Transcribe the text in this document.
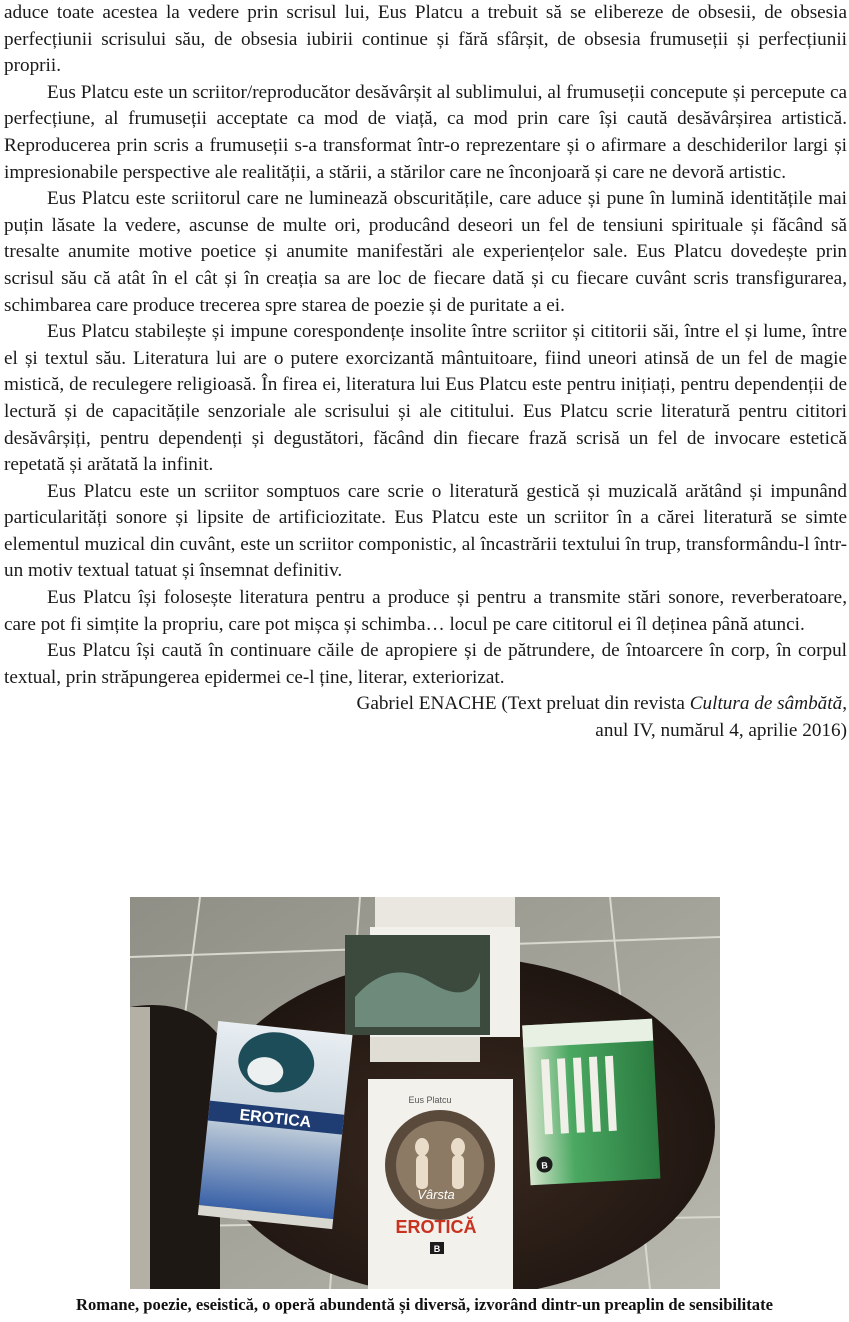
aduce toate acestea la vedere prin scrisul lui, Eus Platcu a trebuit să se elibereze de obsesii, de obsesia perfecțiunii scrisului său, de obsesia iubirii continue și fără sfârșit, de obsesia frumuseții și perfecțiunii proprii.

Eus Platcu este un scriitor/reproducător desăvârșit al sublimului, al frumuseții concepute și percepute ca perfecțiune, al frumuseții acceptate ca mod de viață, ca mod prin care își caută desăvârșirea artistică. Reproducerea prin scris a frumuseții s-a transformat într-o reprezentare și o afirmare a deschiderilor largi și impresionabile perspective ale realității, a stării, a stărilor care ne înconjoară și care ne devoră artistic.

Eus Platcu este scriitorul care ne luminează obscuritățile, care aduce și pune în lumină identitățile mai puțin lăsate la vedere, ascunse de multe ori, producând deseori un fel de tensiuni spirituale și făcând să tresalte anumite motive poetice și anumite manifestări ale experiențelor sale. Eus Platcu dovedește prin scrisul său că atât în el cât și în creația sa are loc de fiecare dată și cu fiecare cuvânt scris transfigurarea, schimbarea care produce trecerea spre starea de poezie și de puritate a ei.

Eus Platcu stabilește și impune corespondențe insolite între scriitor și cititorii săi, între el și lume, între el și textul său. Literatura lui are o putere exorcizantă mântuitoare, fiind uneori atinsă de un fel de magie mistică, de reculegere religioasă. În firea ei, literatura lui Eus Platcu este pentru inițiați, pentru dependenții de lectură și de capacitățile senzoriale ale scrisului și ale cititului. Eus Platcu scrie literatură pentru cititori desăvârșiți, pentru dependenți și degustători, făcând din fiecare frază scrisă un fel de invocare estetică repetată și arătată la infinit.

Eus Platcu este un scriitor somptuos care scrie o literatură gestică și muzicală arătând și impunând particularități sonore și lipsite de artificiozitate. Eus Platcu este un scriitor în a cărei literatură se simte elementul muzical din cuvânt, este un scriitor componistic, al încastrării textului în trup, transformându-l într-un motiv textual tatuat și însemnat definitiv.

Eus Platcu își folosește literatura pentru a produce și pentru a transmite stări sonore, reverberatoare, care pot fi simțite la propriu, care pot mișca și schimba… locul pe care cititorul ei îl deținea până atunci.

Eus Platcu își caută în continuare căile de apropiere și de pătrundere, de întoarcere în corp, în corpul textual, prin străpungerea epidermei ce-l ține, literar, exteriorizat.

Gabriel ENACHE (Text preluat din revista Cultura de sâmbătă,
anul IV, numărul 4, aprilie 2016)
EROTICA
Eus Platcu
Vârsta
EROTICĂ
B
B
Romane, poezie, eseistică, o operă abundentă și diversă, izvorând dintr-un preaplin de sensibilitate
